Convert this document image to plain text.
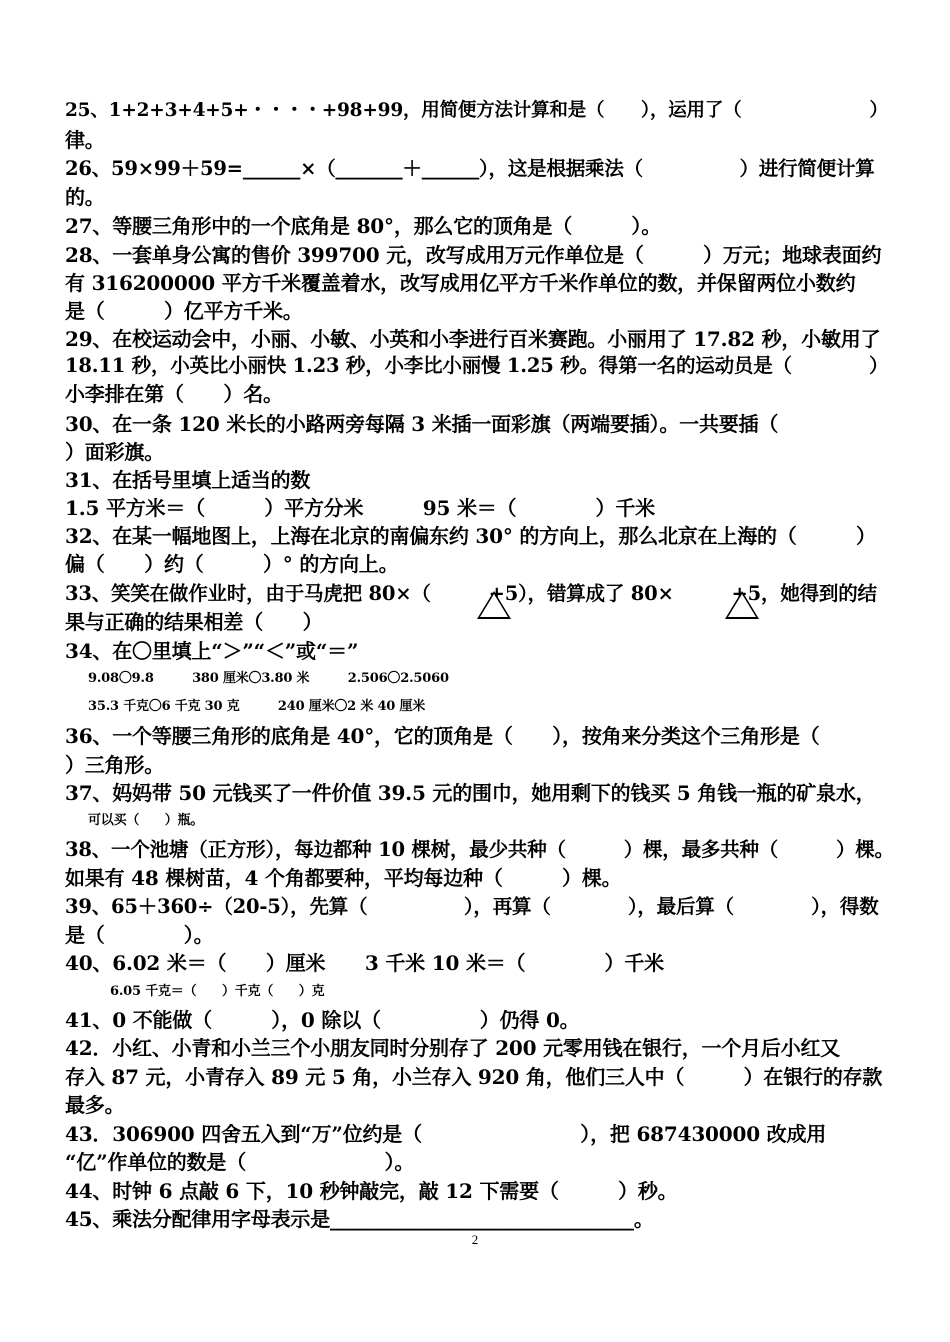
25、1+2+3+4+5+・・・・+98+99，用简便方法计算和是（　　），运用了（　　　　　　　）
律。
26、59×99＋59=______×（_______＋______），这是根据乘法（　　　　　）进行简便计算
的。
27、等腰三角形中的一个底角是 80°，那么它的顶角是（　　　）。
28、一套单身公寓的售价 399700 元，改写成用万元作单位是（　　　）万元；地球表面约
有 316200000 平方千米覆盖着水，改写成用亿平方千米作单位的数，并保留两位小数约
是（　　　）亿平方千米。
29、在校运动会中，小丽、小敏、小英和小李进行百米赛跑。小丽用了 17.82 秒，小敏用了
18.11 秒，小英比小丽快 1.23 秒，小李比小丽慢 1.25 秒。得第一名的运动员是（　　　　）
小李排在第（　　）名。
30、在一条 120 米长的小路两旁每隔 3 米插一面彩旗（两端要插）。一共要插（
）面彩旗。
31、在括号里填上适当的数
1.5 平方米＝（　　　）平方分米　　　95 米＝（　　　　）千米
32、在某一幅地图上，上海在北京的南偏东约 30° 的方向上，那么北京在上海的（　　　）
偏（　　）约（　　　）° 的方向上。
33、笑笑在做作业时，由于马虎把 80×（　　　+5），错算成了 80×　　　+5，她得到的结
果与正确的结果相差（　　）
34、在〇里填上“＞”“＜”或“＝”
9.08〇9.8　　　380 厘米〇3.80 米　　　2.506〇2.5060
35.3 千克〇6 千克 30 克　　　240 厘米〇2 米 40 厘米
36、一个等腰三角形的底角是 40°，它的顶角是（　　），按角来分类这个三角形是（
）三角形。
37、妈妈带 50 元钱买了一件价值 39.5 元的围巾，她用剩下的钱买 5 角钱一瓶的矿泉水，
可以买（　　）瓶。
38、一个池塘（正方形），每边都种 10 棵树，最少共种（　　　）棵，最多共种（　　　）棵。
如果有 48 棵树苗，4 个角都要种，平均每边种（　　　）棵。
39、65＋360÷（20-5），先算（　　　　　），再算（　　　　），最后算（　　　　），得数
是（　　　　）。
40、6.02 米＝（　　）厘米　　3 千米 10 米＝（　　　　）千米
6.05 千克＝（　　）千克（　　）克
41、0 不能做（　　　），0 除以（　　　　　）仍得 0。
42．小红、小青和小兰三个小朋友同时分别存了 200 元零用钱在银行，一个月后小红又
存入 87 元，小青存入 89 元 5 角，小兰存入 920 角，他们三人中（　　　）在银行的存款
最多。
43．306900 四舍五入到“万”位约是（　　　　　　　　），把 687430000 改成用
“亿”作单位的数是（　　　　　　　）。
44、时钟 6 点敲 6 下，10 秒钟敲完，敲 12 下需要（　　　）秒。
45、乘法分配律用字母表示是_______________________________。
2
